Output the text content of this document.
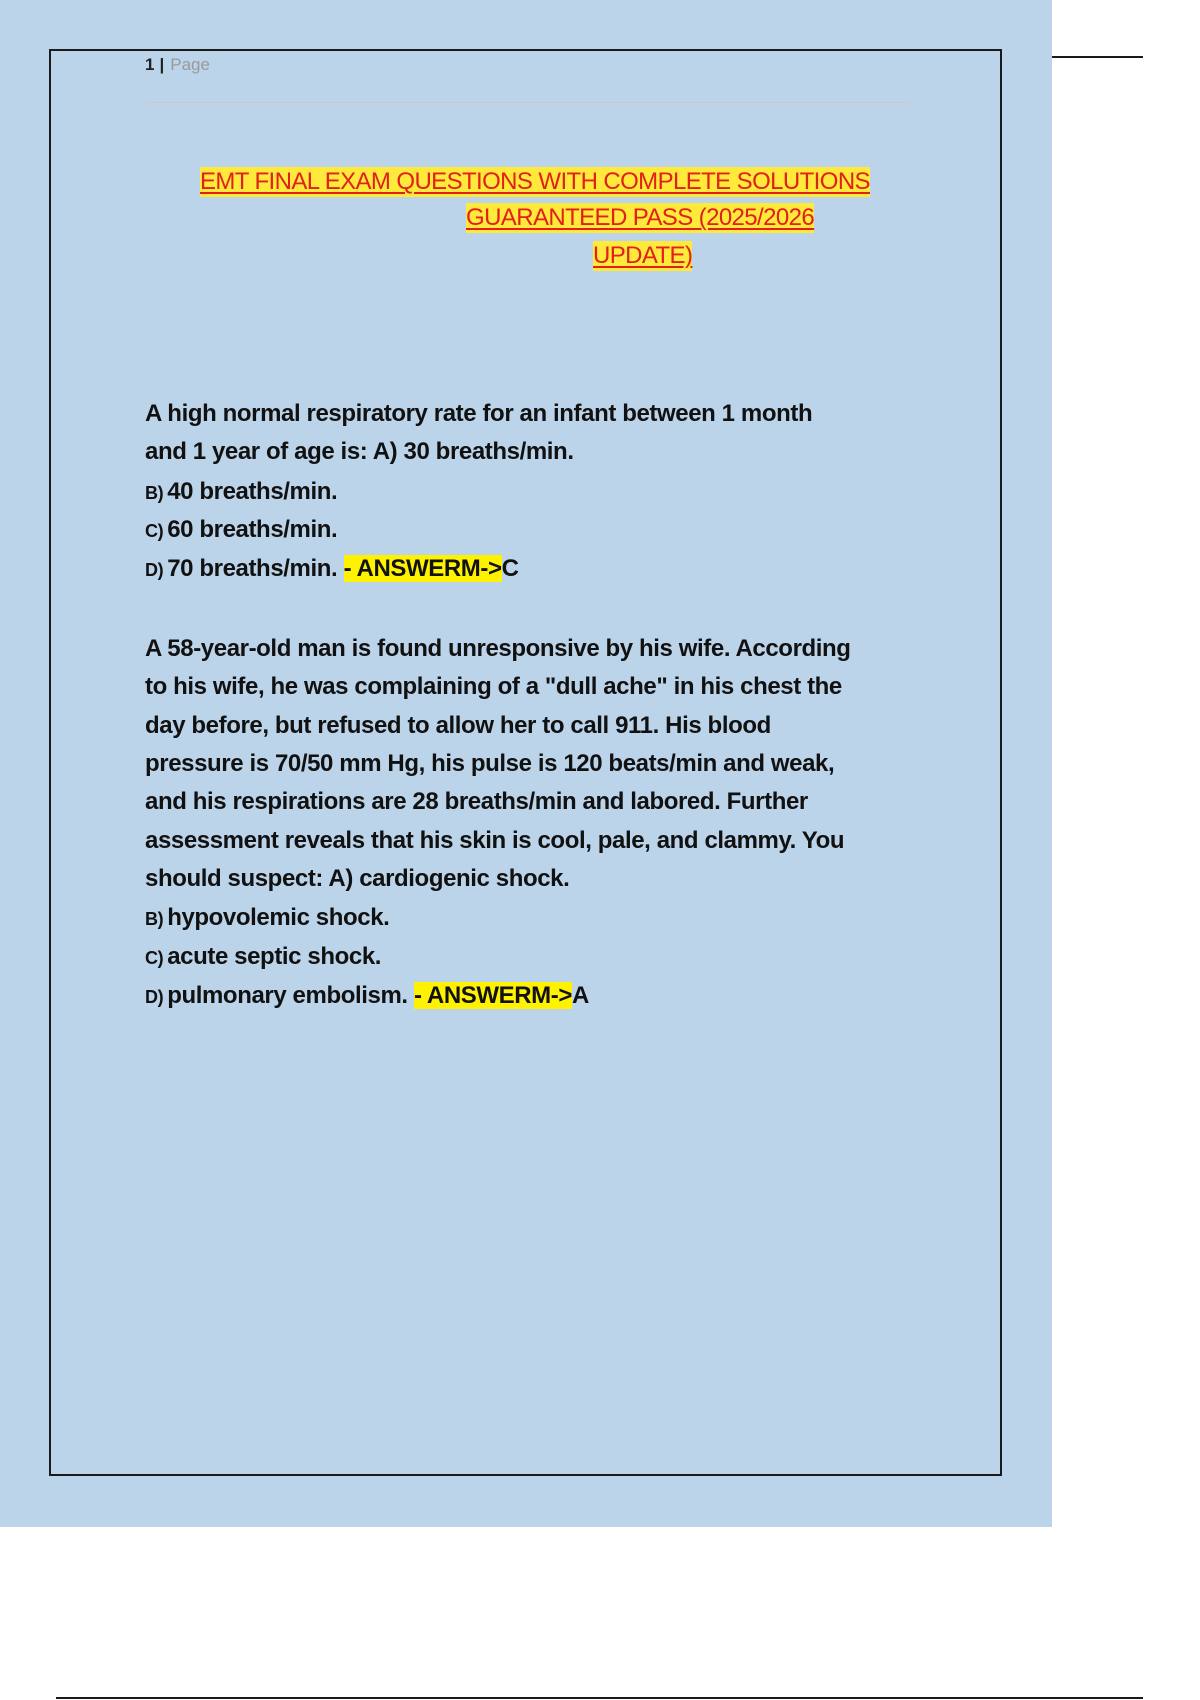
1 | Page
EMT FINAL EXAM QUESTIONS WITH COMPLETE SOLUTIONS
GUARANTEED PASS (2025/2026
UPDATE)
A high normal respiratory rate for an infant between 1 month
and 1 year of age is: A) 30 breaths/min.
B) 40 breaths/min.
C) 60 breaths/min.
D) 70 breaths/min. - ANSWERM->C
A 58-year-old man is found unresponsive by his wife. According
to his wife, he was complaining of a "dull ache" in his chest the
day before, but refused to allow her to call 911. His blood
pressure is 70/50 mm Hg, his pulse is 120 beats/min and weak,
and his respirations are 28 breaths/min and labored. Further
assessment reveals that his skin is cool, pale, and clammy. You
should suspect: A) cardiogenic shock.
B) hypovolemic shock.
C) acute septic shock.
D) pulmonary embolism. - ANSWERM->A
